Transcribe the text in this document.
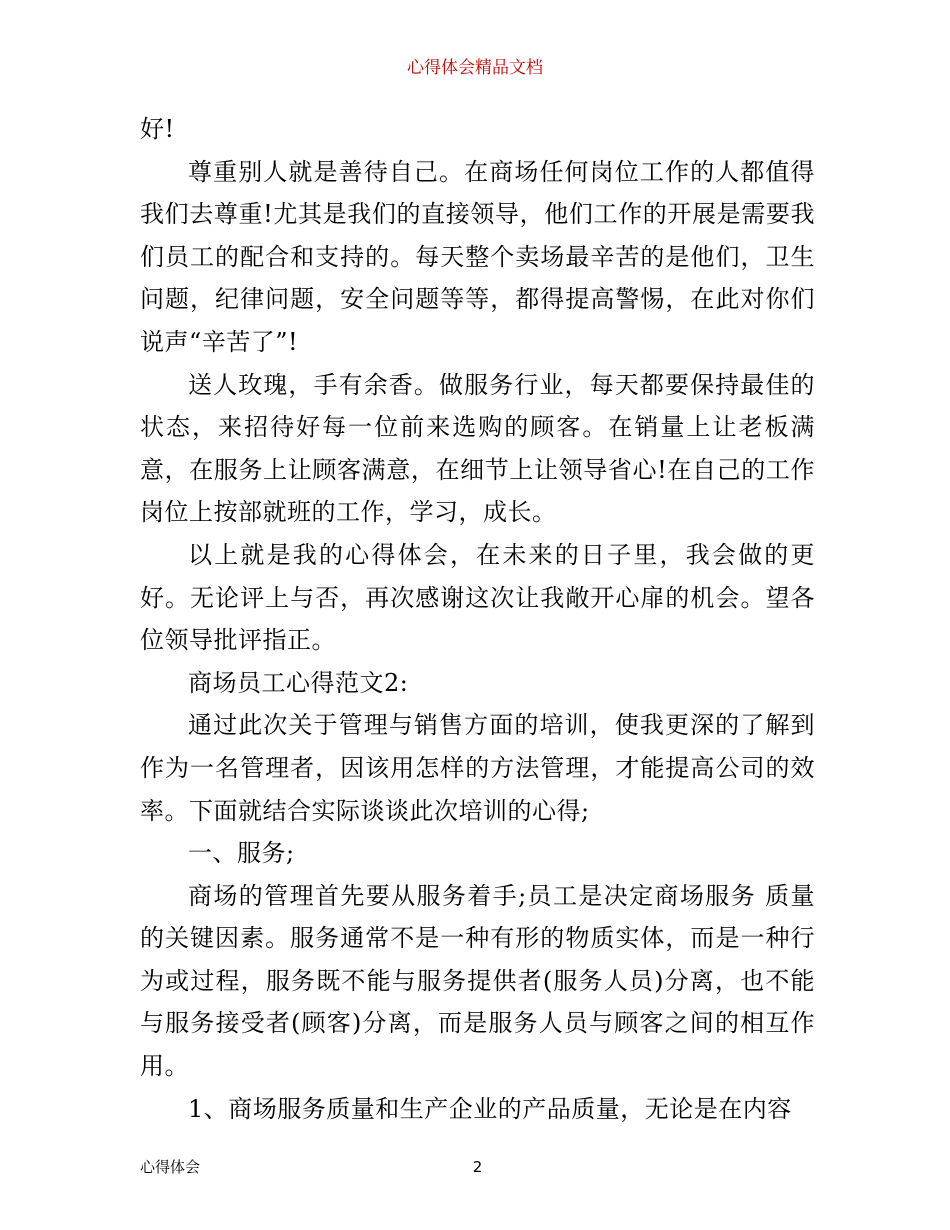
心得体会精品文档

好!

尊重别人就是善待自己。在商场任何岗位工作的人都值得我们去尊重!尤其是我们的直接领导，他们工作的开展是需要我们员工的配合和支持的。每天整个卖场最辛苦的是他们，卫生问题，纪律问题，安全问题等等，都得提高警惕，在此对你们说声“辛苦了”!

送人玫瑰，手有余香。做服务行业，每天都要保持最佳的状态，来招待好每一位前来选购的顾客。在销量上让老板满意，在服务上让顾客满意，在细节上让领导省心!在自己的工作岗位上按部就班的工作，学习，成长。

以上就是我的心得体会，在未来的日子里，我会做的更好。无论评上与否，再次感谢这次让我敞开心扉的机会。望各位领导批评指正。

商场员工心得范文2:

通过此次关于管理与销售方面的培训，使我更深的了解到作为一名管理者，因该用怎样的方法管理，才能提高公司的效率。下面就结合实际谈谈此次培训的心得;

一、服务;

商场的管理首先要从服务着手;员工是决定商场服务 质量的关键因素。服务通常不是一种有形的物质实体，而是一种行为或过程，服务既不能与服务提供者(服务人员)分离，也不能与服务接受者(顾客)分离，而是服务人员与顾客之间的相互作用。

1、商场服务质量和生产企业的产品质量，无论是在内容

心得体会	2
